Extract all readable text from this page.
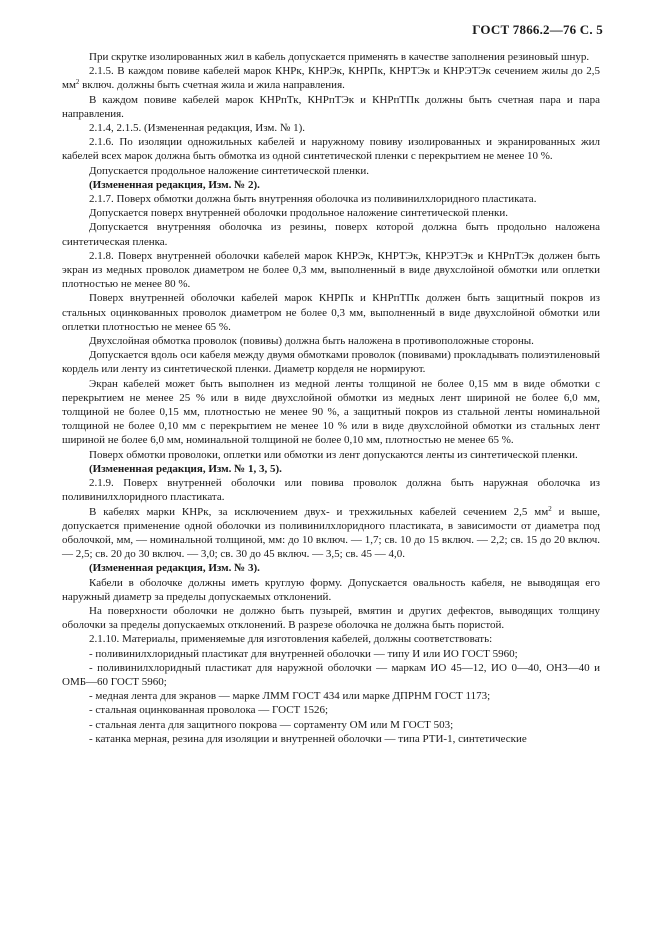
ГОСТ 7866.2—76 С. 5

При скрутке изолированных жил в кабель допускается применять в качестве заполнения резиновый шнур.

2.1.5. В каждом повиве кабелей марок КНРк, КНРЭк, КНРПк, КНРТЭк и КНРЭТЭк сечением жилы до 2,5 $мм^2$ включ. должны быть счетная жила и жила направления.

В каждом повиве кабелей марок КНРпТк, КНРпТЭк и КНРпТПк должны быть счетная пара и пара направления.

2.1.4, 2.1.5. (Измененная редакция, Изм. № 1).

2.1.6. По изоляции одножильных кабелей и наружному повиву изолированных и экранированных жил кабелей всех марок должна быть обмотка из одной синтетической пленки с перекрытием не менее 10 %.

Допускается продольное наложение синтетической пленки.

(Измененная редакция, Изм. № 2).

2.1.7. Поверх обмотки должна быть внутренняя оболочка из поливинилхлоридного пластиката.

Допускается поверх внутренней оболочки продольное наложение синтетической пленки.

Допускается внутренняя оболочка из резины, поверх которой должна быть продольно наложена синтетическая пленка.

2.1.8. Поверх внутренней оболочки кабелей марок КНРЭк, КНРТЭк, КНРЭТЭк и КНРпТЭк должен быть экран из медных проволок диаметром не более 0,3 мм, выполненный в виде двухслойной обмотки или оплетки плотностью не менее 80 %.

Поверх внутренней оболочки кабелей марок КНРПк и КНРпТПк должен быть защитный покров из стальных оцинкованных проволок диаметром не более 0,3 мм, выполненный в виде двухслойной обмотки или оплетки плотностью не менее 65 %.

Двухслойная обмотка проволок (повивы) должна быть наложена в противоположные стороны.

Допускается вдоль оси кабеля между двумя обмотками проволок (повивами) прокладывать полиэтиленовый кордель или ленту из синтетической пленки. Диаметр корделя не нормируют.

Экран кабелей может быть выполнен из медной ленты толщиной не более 0,15 мм в виде обмотки с перекрытием не менее 25 % или в виде двухслойной обмотки из медных лент шириной не более 6,0 мм, толщиной не более 0,15 мм, плотностью не менее 90 %, а защитный покров из стальной ленты номинальной толщиной не более 0,10 мм с перекрытием не менее 10 % или в виде двухслойной обмотки из стальных лент шириной не более 6,0 мм, номинальной толщиной не более 0,10 мм, плотностью не менее 65 %.

Поверх обмотки проволоки, оплетки или обмотки из лент допускаются ленты из синтетической пленки.

(Измененная редакция, Изм. № 1, 3, 5).

2.1.9. Поверх внутренней оболочки или повива проволок должна быть наружная оболочка из поливинилхлоридного пластиката.

В кабелях марки КНРк, за исключением двух- и трехжильных кабелей сечением 2,5 $мм^2$ и выше, допускается применение одной оболочки из поливинилхлоридного пластиката, в зависимости от диаметра под оболочкой, мм, — номинальной толщиной, мм: до 10 включ. — 1,7; св. 10 до 15 включ. — 2,2; св. 15 до 20 включ. — 2,5; св. 20 до 30 включ. — 3,0; св. 30 до 45 включ. — 3,5; св. 45 — 4,0.

(Измененная редакция, Изм. № 3).

Кабели в оболочке должны иметь круглую форму. Допускается овальность кабеля, не выводящая его наружный диаметр за пределы допускаемых отклонений.

На поверхности оболочки не должно быть пузырей, вмятин и других дефектов, выводящих толщину оболочки за пределы допускаемых отклонений. В разрезе оболочка не должна быть пористой.

2.1.10. Материалы, применяемые для изготовления кабелей, должны соответствовать:

- поливинилхлоридный пластикат для внутренней оболочки — типу И или ИО ГОСТ 5960;

- поливинилхлоридный пластикат для наружной оболочки — маркам ИО 45—12, ИО 0—40, ОНЗ—40 и ОМБ—60 ГОСТ 5960;

- медная лента для экранов — марке ЛММ ГОСТ 434 или марке ДПРНМ ГОСТ 1173;

- стальная оцинкованная проволока — ГОСТ 1526;

- стальная лента для защитного покрова — сортаменту ОМ или М ГОСТ 503;

- катанка мерная, резина для изоляции и внутренней оболочки — типа РТИ-1, синтетические
